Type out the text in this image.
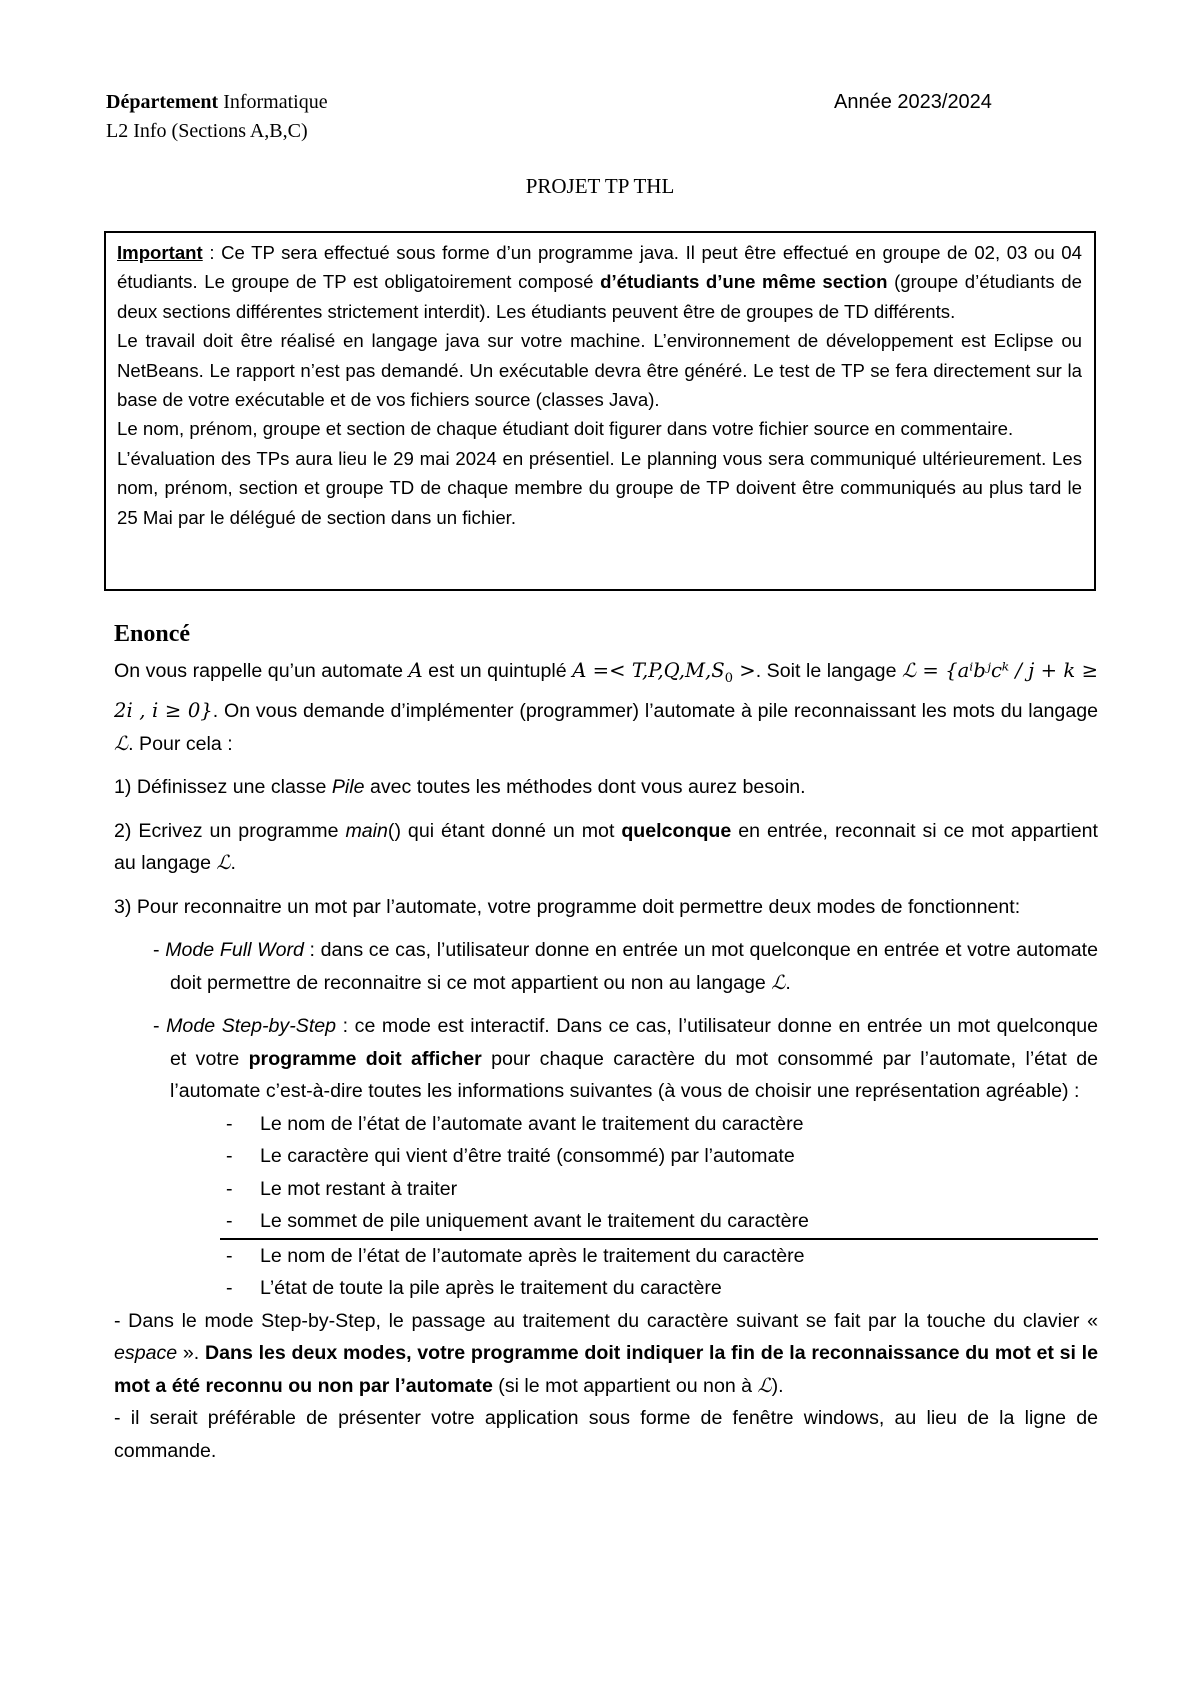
Département Informatique
L2 Info (Sections A,B,C)
Année 2023/2024
PROJET TP THL

Important : Ce TP sera effectué sous forme d’un programme java. Il peut être effectué en groupe de 02, 03 ou 04 étudiants. Le groupe de TP est obligatoirement composé d’étudiants d’une même section (groupe d’étudiants de deux sections différentes strictement interdit). Les étudiants peuvent être de groupes de TD différents.

Le travail doit être réalisé en langage java sur votre machine. L’environnement de développement est Eclipse ou NetBeans. Le rapport n’est pas demandé. Un exécutable devra être généré. Le test de TP se fera directement sur la base de votre exécutable et de vos fichiers source (classes Java).

Le nom, prénom, groupe et section de chaque étudiant doit figurer dans votre fichier source en commentaire.

L’évaluation des TPs aura lieu le 29 mai 2024 en présentiel. Le planning vous sera communiqué ultérieurement. Les nom, prénom, section et groupe TD de chaque membre du groupe de TP doivent être communiqués au plus tard le 25 Mai par le délégué de section dans un fichier.

Enoncé

On vous rappelle qu’un automate A est un quintuplé $A =< T,P,Q,M,S_0$ >. Soit le langage ℒ = {aⁱbʲcᵏ / j + k ≥ 2i , i ≥ 0}. On vous demande d’implémenter (programmer) l’automate à pile reconnaissant les mots du langage ℒ. Pour cela :

1) Définissez une classe Pile avec toutes les méthodes dont vous aurez besoin.

2) Ecrivez un programme main() qui étant donné un mot quelconque en entrée, reconnait si ce mot appartient au langage ℒ.

3) Pour reconnaitre un mot par l’automate, votre programme doit permettre deux modes de fonctionnent:

- Mode Full Word : dans ce cas, l’utilisateur donne en entrée un mot quelconque en entrée et votre automate doit permettre de reconnaitre si ce mot appartient ou non au langage ℒ.

- Mode Step-by-Step : ce mode est interactif. Dans ce cas, l’utilisateur donne en entrée un mot quelconque et votre programme doit afficher pour chaque caractère du mot consommé par l’automate, l’état de l’automate c’est-à-dire toutes les informations suivantes (à vous de choisir une représentation agréable) :

- Le nom de l’état de l’automate avant le traitement du caractère

- Le caractère qui vient d’être traité (consommé) par l’automate

- Le mot restant à traiter

- Le sommet de pile uniquement avant le traitement du caractère

- Le nom de l’état de l’automate après le traitement du caractère

- L’état de toute la pile après le traitement du caractère

- Dans le mode Step-by-Step, le passage au traitement du caractère suivant se fait par la touche du clavier « espace ». Dans les deux modes, votre programme doit indiquer la fin de la reconnaissance du mot et si le mot a été reconnu ou non par l’automate (si le mot appartient ou non à ℒ).

- il serait préférable de présenter votre application sous forme de fenêtre windows, au lieu de la ligne de commande.
